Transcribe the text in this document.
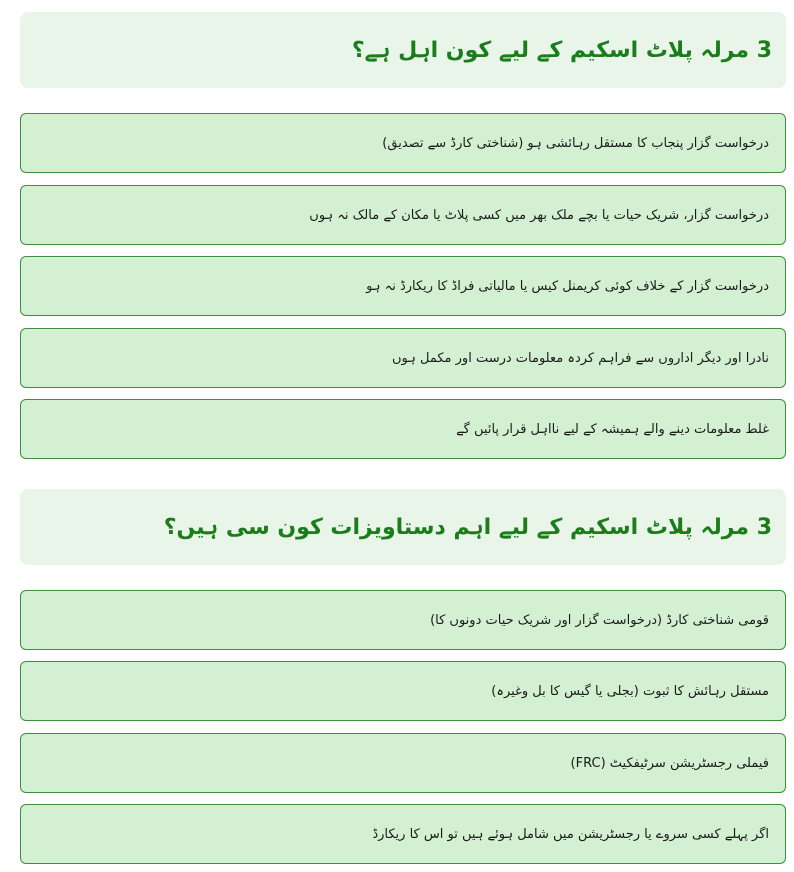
3 مرلہ پلاٹ اسکیم کے لیے کون اہل ہے؟
درخواست گزار پنجاب کا مستقل رہائشی ہو (شناختی کارڈ سے تصدیق)
درخواست گزار، شریک حیات یا بچے ملک بھر میں کسی پلاٹ یا مکان کے مالک نہ ہوں
درخواست گزار کے خلاف کوئی کریمنل کیس یا مالیاتی فراڈ کا ریکارڈ نہ ہو
نادرا اور دیگر اداروں سے فراہم کردہ معلومات درست اور مکمل ہوں
غلط معلومات دینے والے ہمیشہ کے لیے نااہل قرار پائیں گے
3 مرلہ پلاٹ اسکیم کے لیے اہم دستاویزات کون سی ہیں؟
قومی شناختی کارڈ (درخواست گزار اور شریک حیات دونوں کا)
مستقل رہائش کا ثبوت (بجلی یا گیس کا بل وغیرہ)
فیملی رجسٹریشن سرٹیفکیٹ (FRC)
اگر پہلے کسی سروے یا رجسٹریشن میں شامل ہوئے ہیں تو اس کا ریکارڈ
